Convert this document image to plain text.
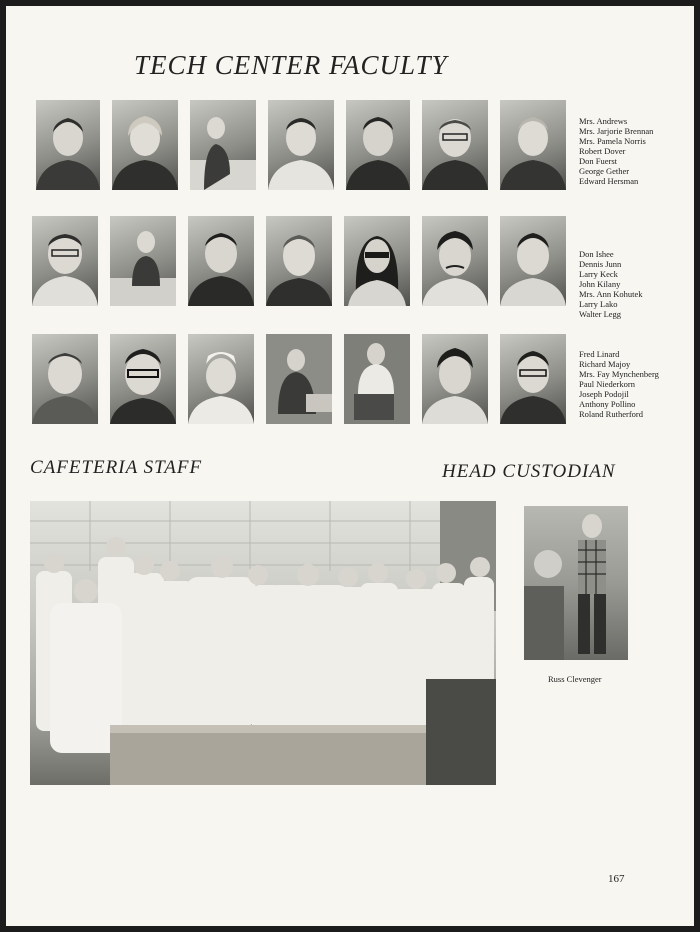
TECH CENTER FACULTY
Mrs. Andrews
Mrs. Jarjorie Brennan
Mrs. Pamela Norris
Robert Dover
Don Fuerst
George Gether
Edward Hersman
Don Ishee
Dennis Junn
Larry Keck
John Kilany
Mrs. Ann Kohutek
Larry Lako
Walter Legg
Fred Linard
Richard Majoy
Mrs. Fay Mynchenberg
Paul Niederkorn
Joseph Podojil
Anthony Pollino
Roland Rutherford
CAFETERIA STAFF	HEAD CUSTODIAN
Russ Clevenger
167
